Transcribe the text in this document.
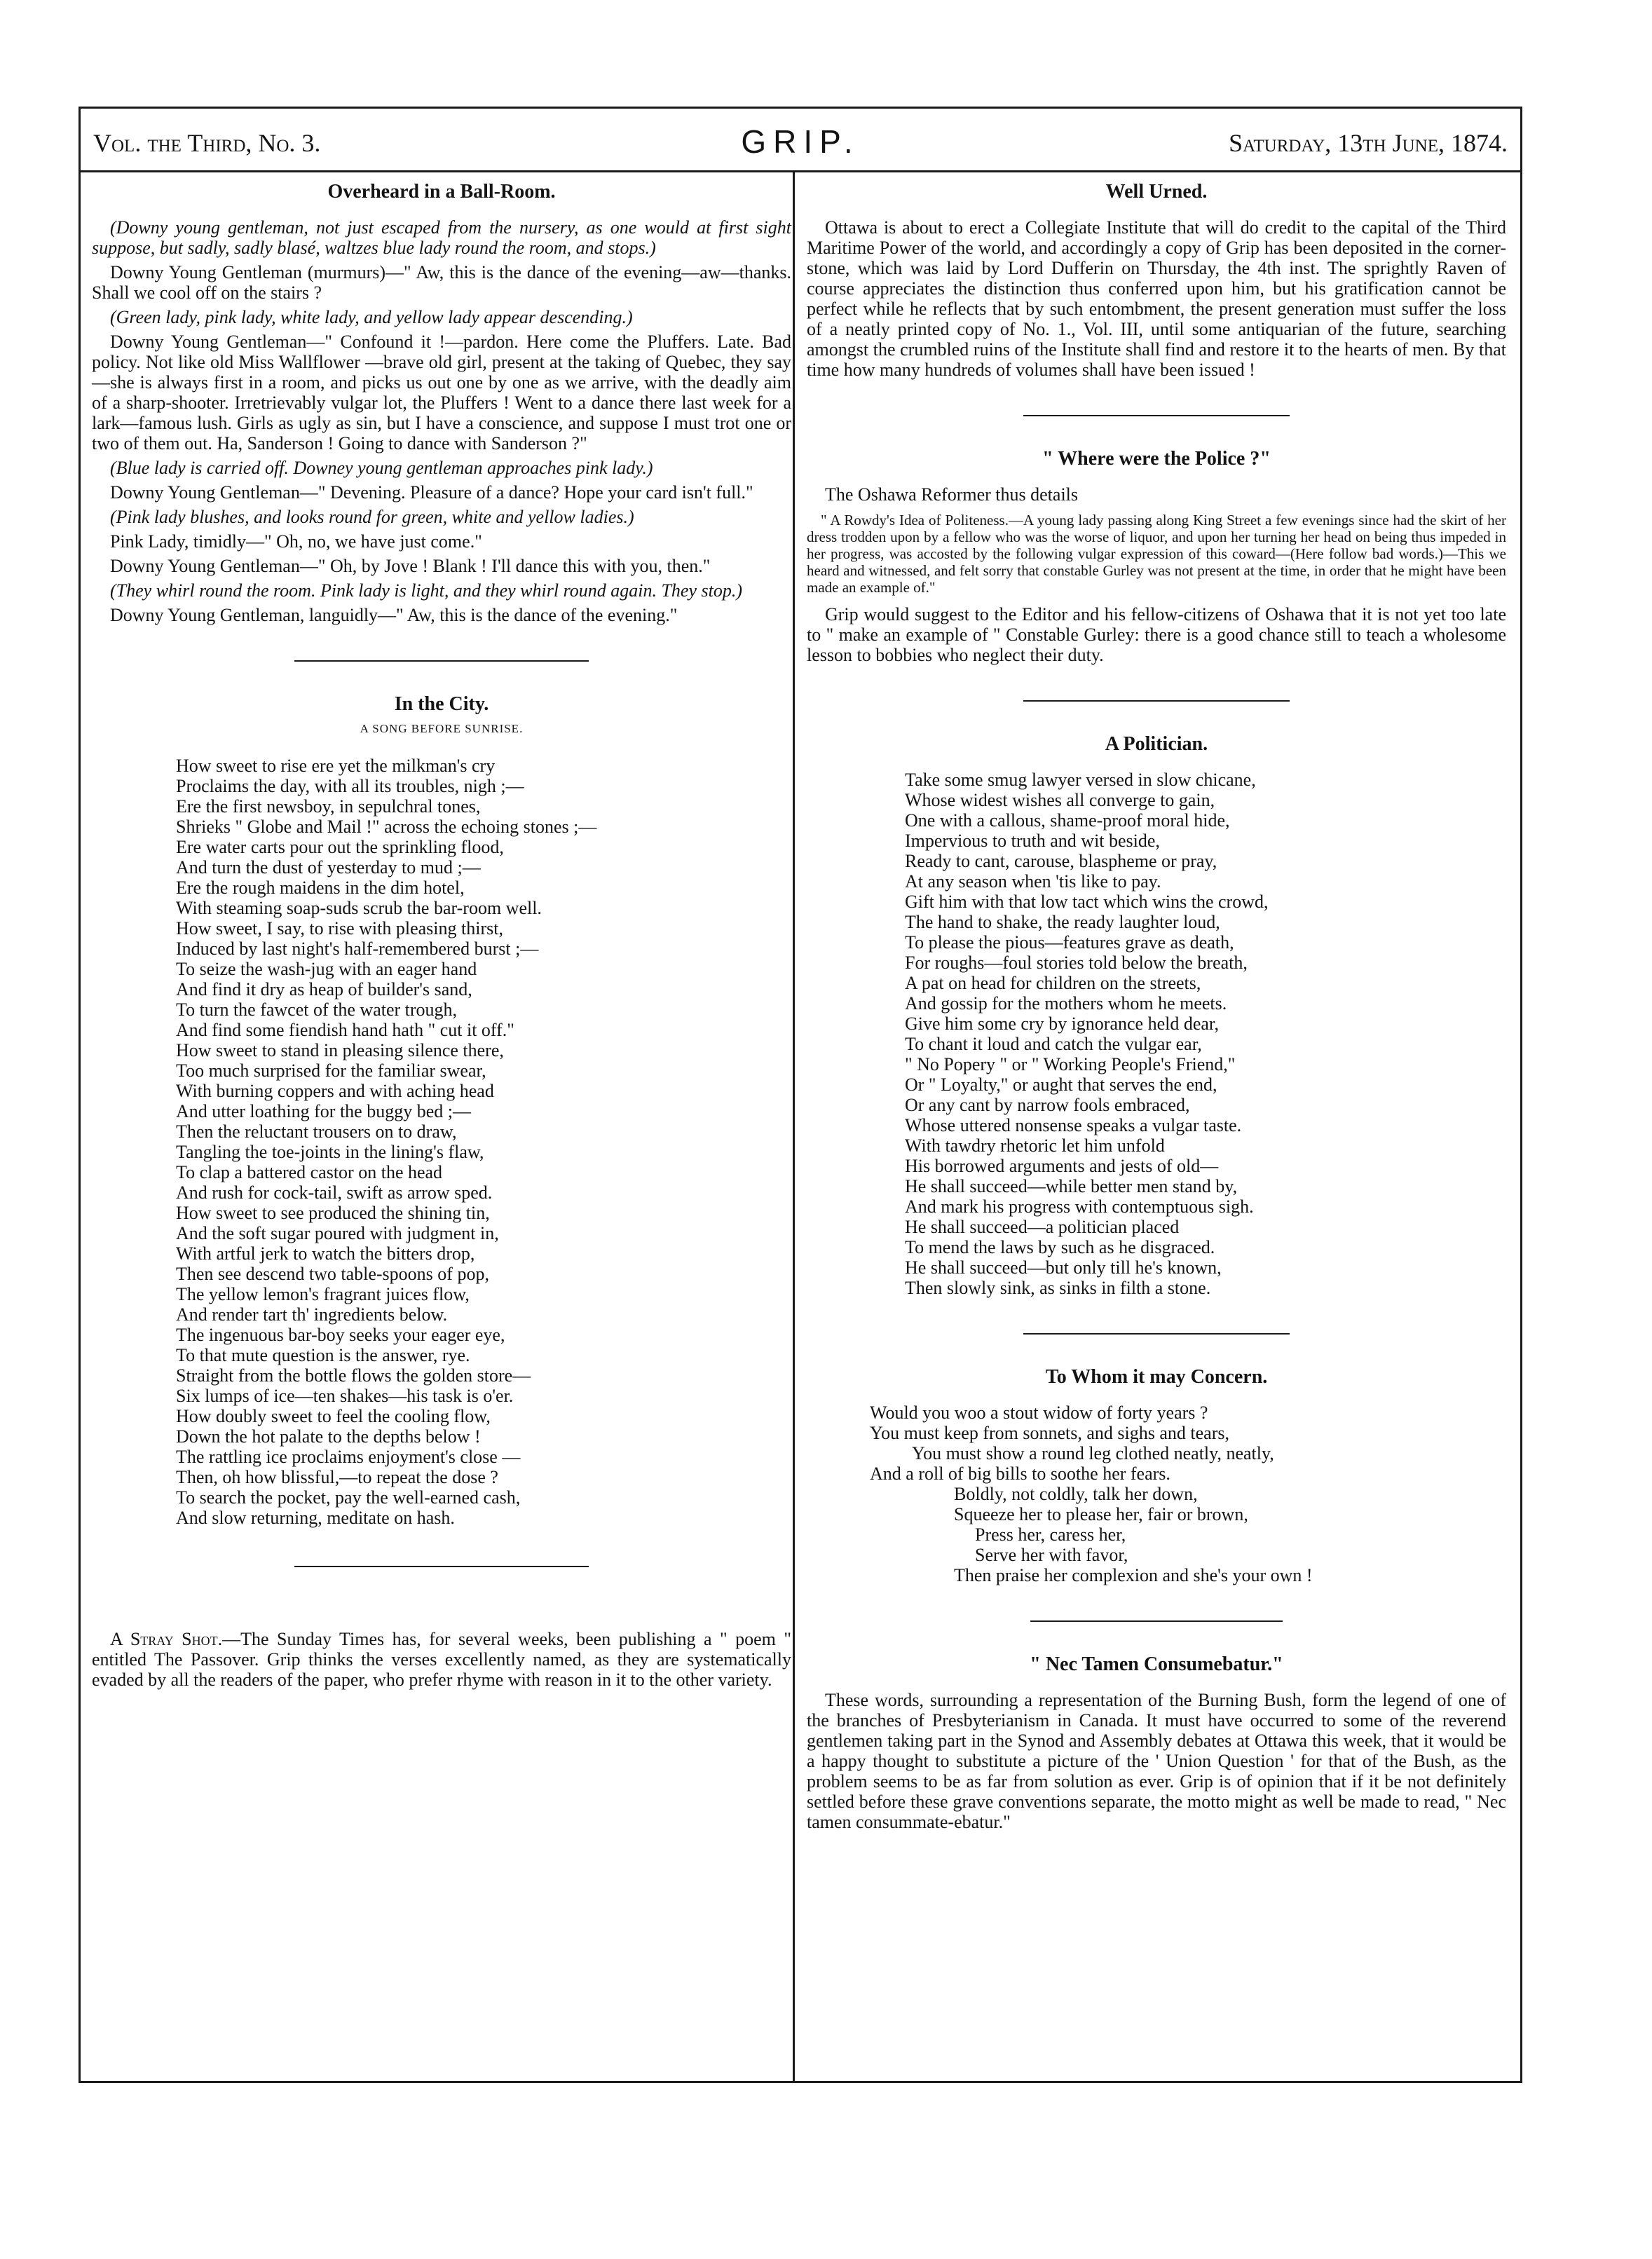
Vol. the Third, No. 3.	GRIP.	Saturday, 13th June, 1874.
Overheard in a Ball-Room.

(Downy young gentleman, not just escaped from the nursery, as one would at first sight suppose, but sadly, sadly blasé, waltzes blue lady round the room, and stops.)

Downy Young Gentleman (murmurs)—" Aw, this is the dance of the evening—aw—thanks. Shall we cool off on the stairs ?

(Green lady, pink lady, white lady, and yellow lady appear descending.)

Downy Young Gentleman—" Confound it !—pardon. Here come the Pluffers. Late. Bad policy. Not like old Miss Wallflower —brave old girl, present at the taking of Quebec, they say—she is always first in a room, and picks us out one by one as we arrive, with the deadly aim of a sharp-shooter. Irretrievably vulgar lot, the Pluffers ! Went to a dance there last week for a lark—famous lush. Girls as ugly as sin, but I have a conscience, and suppose I must trot one or two of them out. Ha, Sanderson ! Going to dance with Sanderson ?"

(Blue lady is carried off. Downey young gentleman approaches pink lady.)

Downy Young Gentleman—" Devening. Pleasure of a dance? Hope your card isn't full."

(Pink lady blushes, and looks round for green, white and yellow ladies.)

Pink Lady, timidly—" Oh, no, we have just come."

Downy Young Gentleman—" Oh, by Jove ! Blank ! I'll dance this with you, then."

(They whirl round the room. Pink lady is light, and they whirl round again. They stop.)

Downy Young Gentleman, languidly—" Aw, this is the dance of the evening."

In the City.
A SONG BEFORE SUNRISE.
How sweet to rise ere yet the milkman's cry
Proclaims the day, with all its troubles, nigh ;—
Ere the first newsboy, in sepulchral tones,
Shrieks " Globe and Mail !" across the echoing stones ;—
Ere water carts pour out the sprinkling flood,
And turn the dust of yesterday to mud ;—
Ere the rough maidens in the dim hotel,
With steaming soap-suds scrub the bar-room well.
How sweet, I say, to rise with pleasing thirst,
Induced by last night's half-remembered burst ;—
To seize the wash-jug with an eager hand
And find it dry as heap of builder's sand,
To turn the fawcet of the water trough,
And find some fiendish hand hath " cut it off."
How sweet to stand in pleasing silence there,
Too much surprised for the familiar swear,
With burning coppers and with aching head
And utter loathing for the buggy bed ;—
Then the reluctant trousers on to draw,
Tangling the toe-joints in the lining's flaw,
To clap a battered castor on the head
And rush for cock-tail, swift as arrow sped.
How sweet to see produced the shining tin,
And the soft sugar poured with judgment in,
With artful jerk to watch the bitters drop,
Then see descend two table-spoons of pop,
The yellow lemon's fragrant juices flow,
And render tart th' ingredients below.
The ingenuous bar-boy seeks your eager eye,
To that mute question is the answer, rye.
Straight from the bottle flows the golden store—
Six lumps of ice—ten shakes—his task is o'er.
How doubly sweet to feel the cooling flow,
Down the hot palate to the depths below !
The rattling ice proclaims enjoyment's close —
Then, oh how blissful,—to repeat the dose ?
To search the pocket, pay the well-earned cash,
And slow returning, meditate on hash.

A Stray Shot.—The Sunday Times has, for several weeks, been publishing a " poem " entitled The Passover. Grip thinks the verses excellently named, as they are systematically evaded by all the readers of the paper, who prefer rhyme with reason in it to the other variety.

Well Urned.

Ottawa is about to erect a Collegiate Institute that will do credit to the capital of the Third Maritime Power of the world, and accordingly a copy of Grip has been deposited in the corner-stone, which was laid by Lord Dufferin on Thursday, the 4th inst. The sprightly Raven of course appreciates the distinction thus conferred upon him, but his gratification cannot be perfect while he reflects that by such entombment, the present generation must suffer the loss of a neatly printed copy of No. 1., Vol. III, until some antiquarian of the future, searching amongst the crumbled ruins of the Institute shall find and restore it to the hearts of men. By that time how many hundreds of volumes shall have been issued !

" Where were the Police ?"

The Oshawa Reformer thus details

" A Rowdy's Idea of Politeness.—A young lady passing along King Street a few evenings since had the skirt of her dress trodden upon by a fellow who was the worse of liquor, and upon her turning her head on being thus impeded in her progress, was accosted by the following vulgar expression of this coward—(Here follow bad words.)—This we heard and witnessed, and felt sorry that constable Gurley was not present at the time, in order that he might have been made an example of."

Grip would suggest to the Editor and his fellow-citizens of Oshawa that it is not yet too late to " make an example of " Constable Gurley: there is a good chance still to teach a wholesome lesson to bobbies who neglect their duty.

A Politician.
Take some smug lawyer versed in slow chicane,
Whose widest wishes all converge to gain,
One with a callous, shame-proof moral hide,
Impervious to truth and wit beside,
Ready to cant, carouse, blaspheme or pray,
At any season when 'tis like to pay.
Gift him with that low tact which wins the crowd,
The hand to shake, the ready laughter loud,
To please the pious—features grave as death,
For roughs—foul stories told below the breath,
A pat on head for children on the streets,
And gossip for the mothers whom he meets.
Give him some cry by ignorance held dear,
To chant it loud and catch the vulgar ear,
" No Popery " or " Working People's Friend,"
Or " Loyalty," or aught that serves the end,
Or any cant by narrow fools embraced,
Whose uttered nonsense speaks a vulgar taste.
With tawdry rhetoric let him unfold
His borrowed arguments and jests of old—
He shall succeed—while better men stand by,
And mark his progress with contemptuous sigh.
He shall succeed—a politician placed
To mend the laws by such as he disgraced.
He shall succeed—but only till he's known,
Then slowly sink, as sinks in filth a stone.
To Whom it may Concern.
Would you woo a stout widow of forty years ?
You must keep from sonnets, and sighs and tears,
You must show a round leg clothed neatly, neatly,
And a roll of big bills to soothe her fears.
Boldly, not coldly, talk her down,
Squeeze her to please her, fair or brown,
Press her, caress her,
Serve her with favor,
Then praise her complexion and she's your own !
" Nec Tamen Consumebatur."

These words, surrounding a representation of the Burning Bush, form the legend of one of the branches of Presbyterianism in Canada. It must have occurred to some of the reverend gentlemen taking part in the Synod and Assembly debates at Ottawa this week, that it would be a happy thought to substitute a picture of the ' Union Question ' for that of the Bush, as the problem seems to be as far from solution as ever. Grip is of opinion that if it be not definitely settled before these grave conventions separate, the motto might as well be made to read, " Nec tamen consummate-ebatur."
